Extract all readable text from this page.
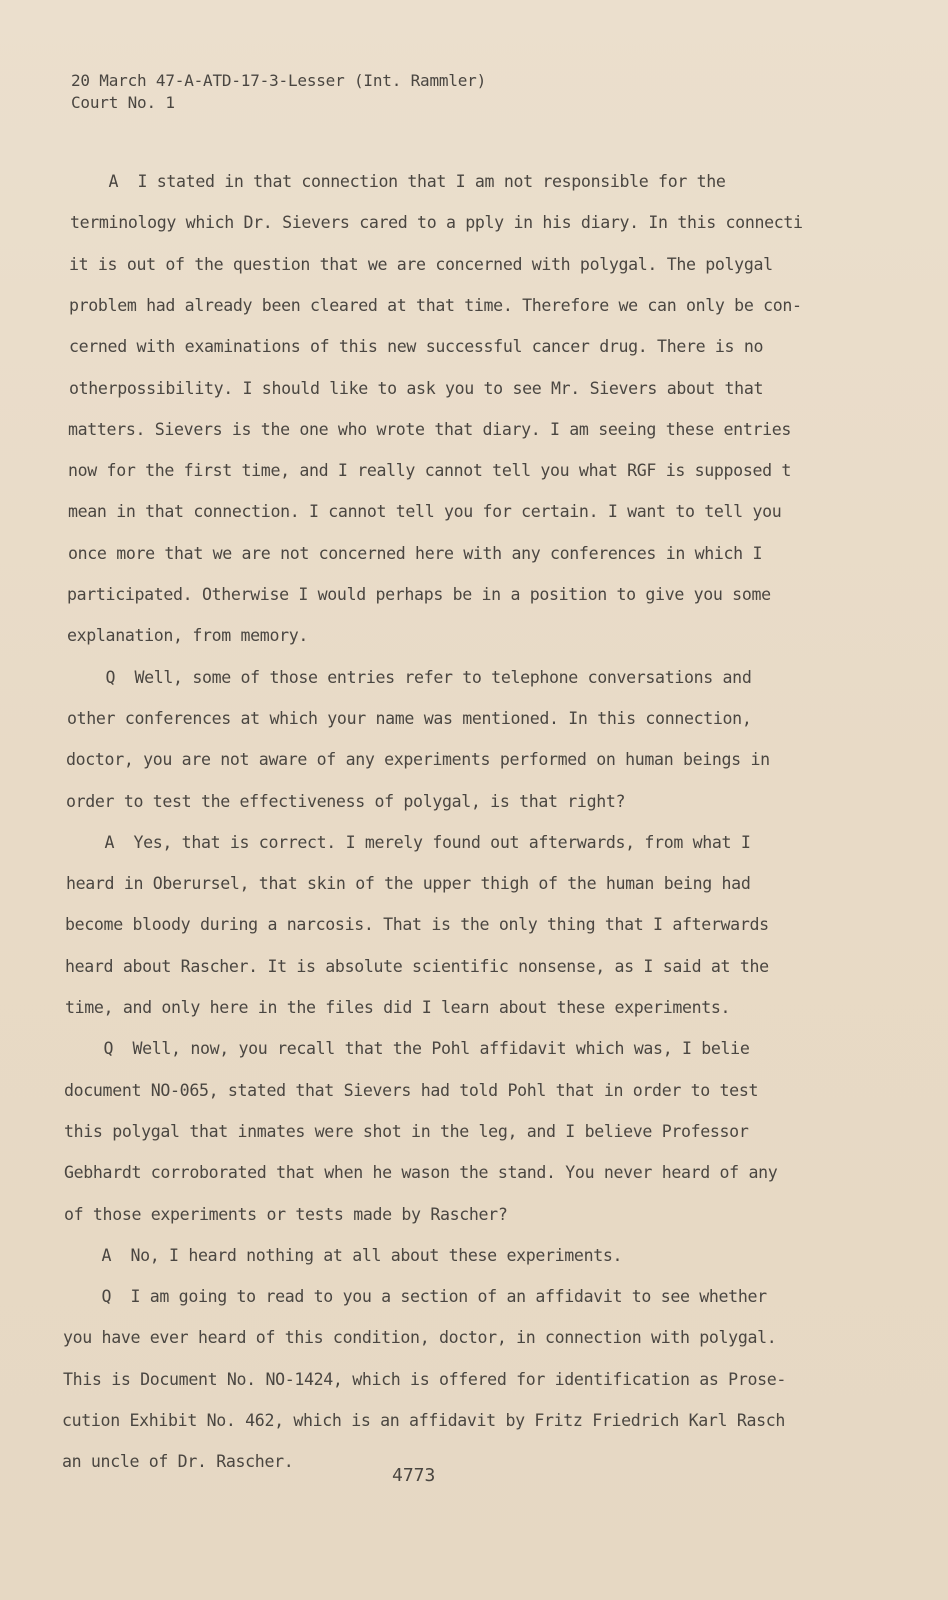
20 March 47-A-ATD-17-3-Lesser (Int. Rammler)
Court No. 1
A  I stated in that connection that I am not responsible for the
terminology which Dr. Sievers cared to a pply in his diary. In this connecti
it is out of the question that we are concerned with polygal. The polygal
problem had already been cleared at that time. Therefore we can only be con-
cerned with examinations of this new successful cancer drug. There is no
otherpossibility. I should like to ask you to see Mr. Sievers about that
matters. Sievers is the one who wrote that diary. I am seeing these entries
now for the first time, and I really cannot tell you what RGF is supposed t
mean in that connection. I cannot tell you for certain. I want to tell you
once more that we are not concerned here with any conferences in which I
participated. Otherwise I would perhaps be in a position to give you some
explanation, from memory.
Q  Well, some of those entries refer to telephone conversations and
other conferences at which your name was mentioned. In this connection,
doctor, you are not aware of any experiments performed on human beings in
order to test the effectiveness of polygal, is that right?
A  Yes, that is correct. I merely found out afterwards, from what I
heard in Oberursel, that skin of the upper thigh of the human being had
become bloody during a narcosis. That is the only thing that I afterwards
heard about Rascher. It is absolute scientific nonsense, as I said at the
time, and only here in the files did I learn about these experiments.
Q  Well, now, you recall that the Pohl affidavit which was, I belie
document NO-065, stated that Sievers had told Pohl that in order to test
this polygal that inmates were shot in the leg, and I believe Professor
Gebhardt corroborated that when he wason the stand. You never heard of any
of those experiments or tests made by Rascher?
A  No, I heard nothing at all about these experiments.
Q  I am going to read to you a section of an affidavit to see whether
you have ever heard of this condition, doctor, in connection with polygal.
This is Document No. NO-1424, which is offered for identification as Prose-
cution Exhibit No. 462, which is an affidavit by Fritz Friedrich Karl Rasch
an uncle of Dr. Rascher.
4773
